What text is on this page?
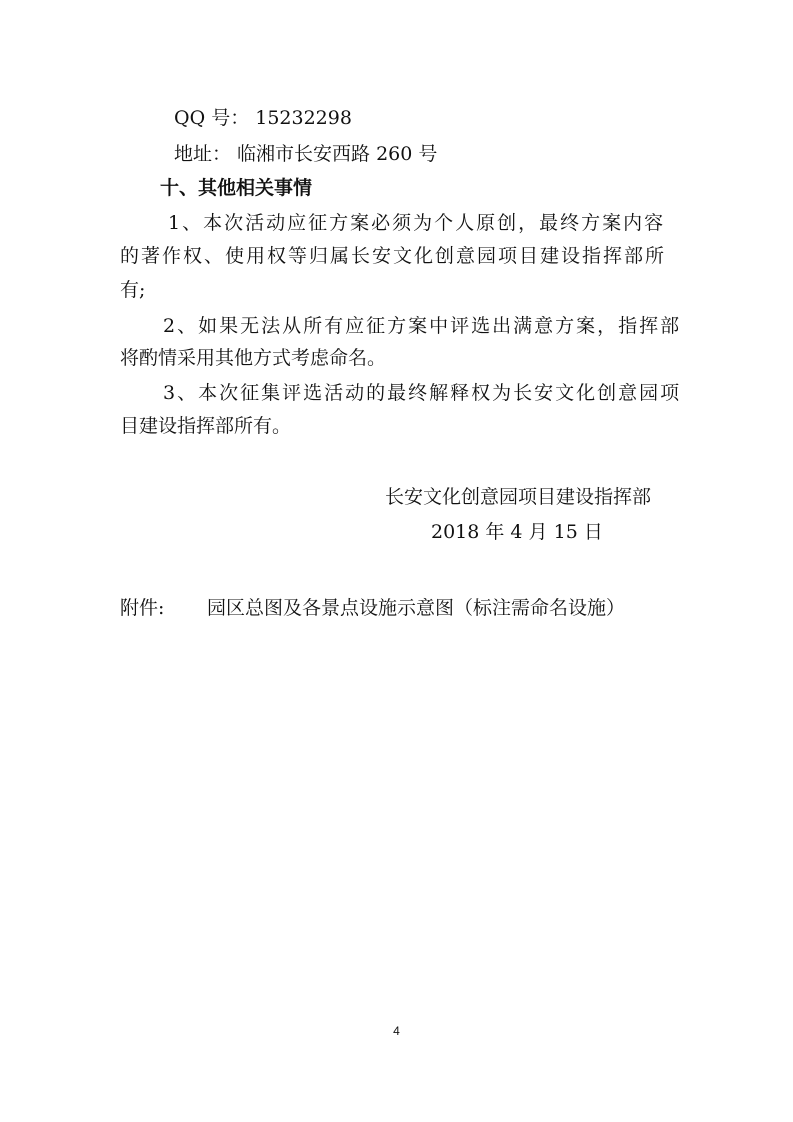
QQ 号： 15232298

地址： 临湘市长安西路 260 号

十、其他相关事情

1、本次活动应征方案必须为个人原创，最终方案内容

的著作权、使用权等归属长安文化创意园项目建设指挥部所

有;

2、如果无法从所有应征方案中评选出满意方案，指挥部

将酌情采用其他方式考虑命名。

3、本次征集评选活动的最终解释权为长安文化创意园项

目建设指挥部所有。

长安文化创意园项目建设指挥部

2018 年 4 月 15 日

附件: 园区总图及各景点设施示意图（标注需命名设施）

4
